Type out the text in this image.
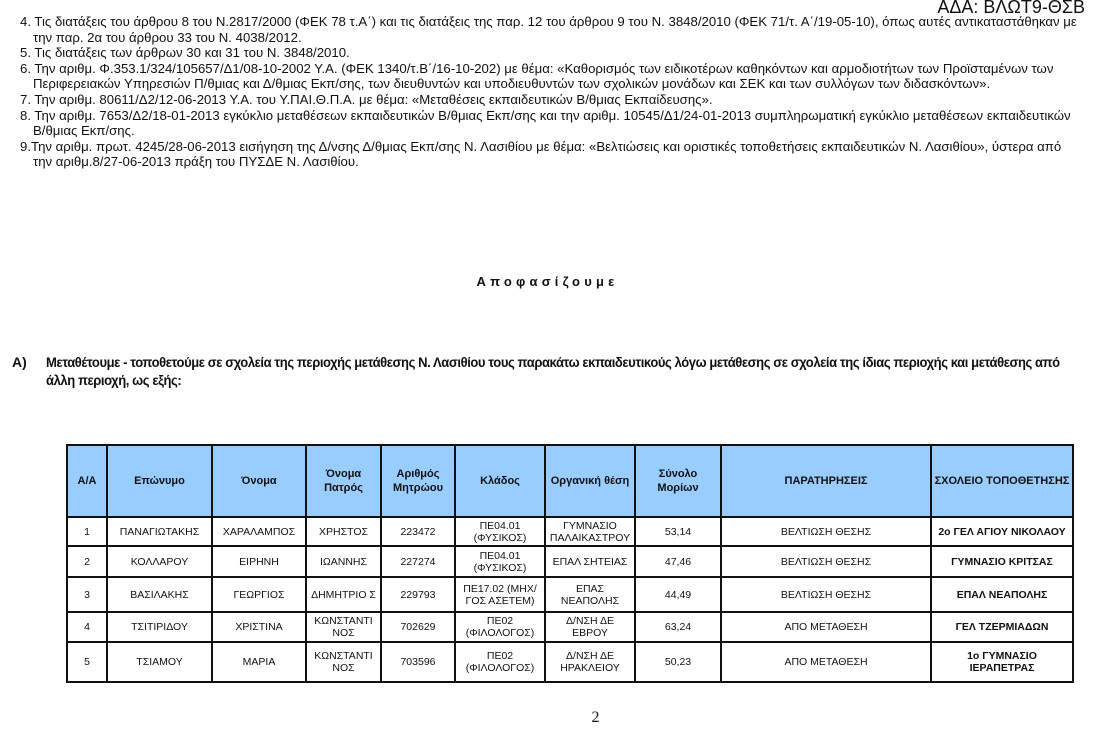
ΑΔΑ: ΒΛΩΤ9-ΘΣΒ

4. Τις διατάξεις του άρθρου 8 του Ν.2817/2000 (ΦΕΚ 78 τ.Α΄) και τις διατάξεις της παρ. 12 του άρθρου 9 του Ν. 3848/2010 (ΦΕΚ 71/τ. Α΄/19-05-10), όπως αυτές αντικαταστάθηκαν με την παρ. 2α του άρθρου 33 του Ν. 4038/2012.

5. Τις διατάξεις των άρθρων 30 και 31 του Ν. 3848/2010.

6. Την αριθμ. Φ.353.1/324/105657/Δ1/08-10-2002 Υ.Α. (ΦΕΚ 1340/τ.Β΄/16-10-202) με θέμα: «Καθορισμός των ειδικοτέρων καθηκόντων και αρμοδιοτήτων των Προϊσταμένων των Περιφερειακών Υπηρεσιών Π/θμιας και Δ/θμιας Εκπ/σης, των διευθυντών και υποδιευθυντών των σχολικών μονάδων και ΣΕΚ και των συλλόγων των διδασκόντων».

7. Την αριθμ. 80611/Δ2/12-06-2013 Υ.Α. του Υ.ΠΑΙ.Θ.Π.Α. με θέμα: «Μεταθέσεις εκπαιδευτικών Β/θμιας Εκπαίδευσης».

8. Την αριθμ. 7653/Δ2/18-01-2013 εγκύκλιο μεταθέσεων εκπαιδευτικών Β/θμιας Εκπ/σης και την αριθμ. 10545/Δ1/24-01-2013 συμπληρωματική εγκύκλιο μεταθέσεων εκπαιδευτικών Β/θμιας Εκπ/σης.

9.Την αριθμ. πρωτ. 4245/28-06-2013 εισήγηση της Δ/νσης Δ/θμιας Εκπ/σης Ν. Λασιθίου με θέμα: «Βελτιώσεις και οριστικές τοποθετήσεις εκπαιδευτικών Ν. Λασιθίου», ύστερα από την αριθμ.8/27-06-2013 πράξη του ΠΥΣΔΕ Ν. Λασιθίου.

Αποφασίζουμε
Α) Μεταθέτουμε - τοποθετούμε σε σχολεία της περιοχής μετάθεσης Ν. Λασιθίου τους παρακάτω εκπαιδευτικούς λόγω μετάθεσης σε σχολεία της ίδιας περιοχής και μετάθεσης από άλλη περιοχή, ως εξής:
Α/Α	Επώνυμο	Όνομα	Όνομα Πατρός	Αριθμός Μητρώου	Κλάδος	Οργανική θέση	Σύνολο Μορίων	ΠΑΡΑΤΗΡΗΣΕΙΣ	ΣΧΟΛΕΙΟ ΤΟΠΟΘΕΤΗΣΗΣ
1	ΠΑΝΑΓΙΩΤΑΚΗΣ	ΧΑΡΑΛΑΜΠΟΣ	ΧΡΗΣΤΟΣ	223472	ΠΕ04.01 (ΦΥΣΙΚΟΣ)	ΓΥΜΝΑΣΙΟ ΠΑΛΑΙΚΑΣΤΡΟΥ	53,14	ΒΕΛΤΙΩΣΗ ΘΕΣΗΣ	2ο ΓΕΛ ΑΓΙΟΥ ΝΙΚΟΛΑΟΥ
2	ΚΟΛΛΑΡΟΥ	ΕΙΡΗΝΗ	ΙΩΑΝΝΗΣ	227274	ΠΕ04.01 (ΦΥΣΙΚΟΣ)	ΕΠΑΛ ΣΗΤΕΙΑΣ	47,46	ΒΕΛΤΙΩΣΗ ΘΕΣΗΣ	ΓΥΜΝΑΣΙΟ ΚΡΙΤΣΑΣ
3	ΒΑΣΙΛΑΚΗΣ	ΓΕΩΡΓΙΟΣ	ΔΗΜΗΤΡΙΟ Σ	229793	ΠΕ17.02 (ΜΗΧ/ΓΟΣ ΑΣΕΤΕΜ)	ΕΠΑΣ ΝΕΑΠΟΛΗΣ	44,49	ΒΕΛΤΙΩΣΗ ΘΕΣΗΣ	ΕΠΑΛ ΝΕΑΠΟΛΗΣ
4	ΤΣΙΤΙΡΙΔΟΥ	ΧΡΙΣΤΙΝΑ	ΚΩΝΣΤΑΝΤΙ ΝΟΣ	702629	ΠΕ02 (ΦΙΛΟΛΟΓΟΣ)	Δ/ΝΣΗ ΔΕ ΕΒΡΟΥ	63,24	ΑΠΟ ΜΕΤΑΘΕΣΗ	ΓΕΛ ΤΖΕΡΜΙΑΔΩΝ
5	ΤΣΙΑΜΟΥ	ΜΑΡΙΑ	ΚΩΝΣΤΑΝΤΙ ΝΟΣ	703596	ΠΕ02 (ΦΙΛΟΛΟΓΟΣ)	Δ/ΝΣΗ ΔΕ ΗΡΑΚΛΕΙΟΥ	50,23	ΑΠΟ ΜΕΤΑΘΕΣΗ	1ο ΓΥΜΝΑΣΙΟ ΙΕΡΑΠΕΤΡΑΣ
2
